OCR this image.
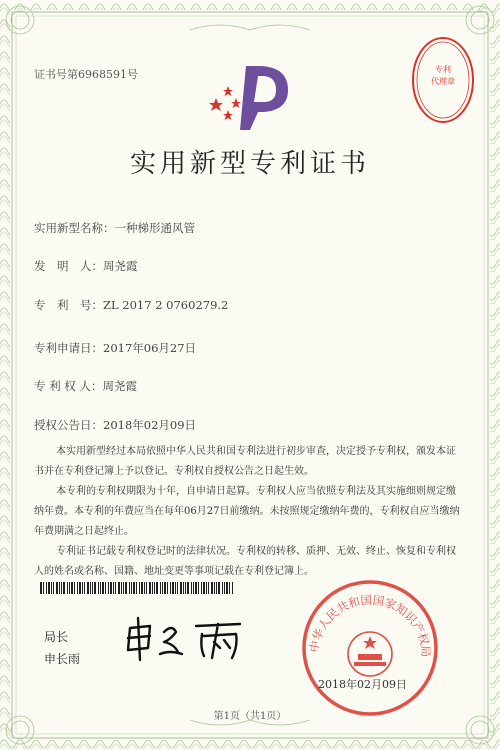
证书号第6968591号	专利
代理章
实用新型专利证书
实用新型名称：一种梯形通风管
发　明　人：周尧霞
专　利　号：ZL 2017 2 0760279.2
专利申请日：2017年06月27日
专 利 权 人：周尧霞
授权公告日：2018年02月09日

本实用新型经过本局依照中华人民共和国专利法进行初步审查，决定授予专利权，颁发本证书并在专利登记簿上予以登记。专利权自授权公告之日起生效。

本专利的专利权期限为十年，自申请日起算。专利权人应当依照专利法及其实施细则规定缴纳年费。本专利的年费应当在每年06月27日前缴纳。未按照规定缴纳年费的，专利权自应当缴纳年费期满之日起终止。

专利证书记载专利权登记时的法律状况。专利权的转移、质押、无效、终止、恢复和专利权人的姓名或名称、国籍、地址变更等事项记载在专利登记簿上。

局长
申长雨
中华人民共和国国家知识产权局
2018年02月09日
第1页（共1页）
